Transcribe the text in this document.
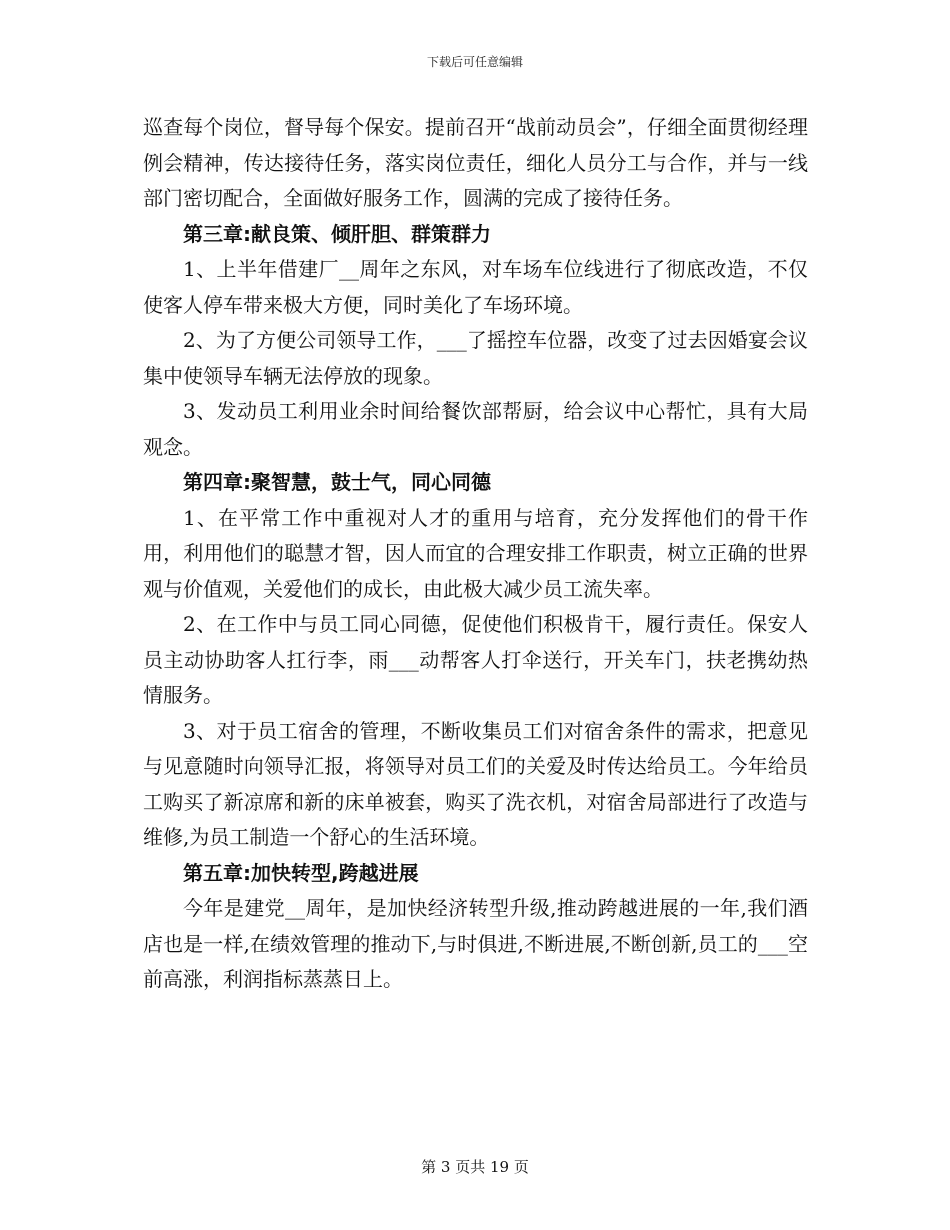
下载后可任意编辑

巡查每个岗位，督导每个保安。提前召开“战前动员会”，仔细全面贯彻经理例会精神，传达接待任务，落实岗位责任，细化人员分工与合作，并与一线部门密切配合，全面做好服务工作，圆满的完成了接待任务。

第三章:献良策、倾肝胆、群策群力

1、上半年借建厂__周年之东风，对车场车位线进行了彻底改造，不仅使客人停车带来极大方便，同时美化了车场环境。

2、为了方便公司领导工作，___了摇控车位器，改变了过去因婚宴会议集中使领导车辆无法停放的现象。

3、发动员工利用业余时间给餐饮部帮厨，给会议中心帮忙，具有大局观念。

第四章:聚智慧，鼓士气，同心同德

1、在平常工作中重视对人才的重用与培育，充分发挥他们的骨干作用，利用他们的聪慧才智，因人而宜的合理安排工作职责，树立正确的世界观与价值观，关爱他们的成长，由此极大减少员工流失率。

2、在工作中与员工同心同德，促使他们积极肯干，履行责任。保安人员主动协助客人扛行李，雨___动帮客人打伞送行，开关车门，扶老携幼热情服务。

3、对于员工宿舍的管理，不断收集员工们对宿舍条件的需求，把意见与见意随时向领导汇报，将领导对员工们的关爱及时传达给员工。今年给员工购买了新凉席和新的床单被套，购买了洗衣机，对宿舍局部进行了改造与维修,为员工制造一个舒心的生活环境。

第五章:加快转型,跨越进展

今年是建党__周年，是加快经济转型升级,推动跨越进展的一年,我们酒店也是一样,在绩效管理的推动下,与时俱进,不断进展,不断创新,员工的___空前高涨，利润指标蒸蒸日上。

第 3 页共 19 页
